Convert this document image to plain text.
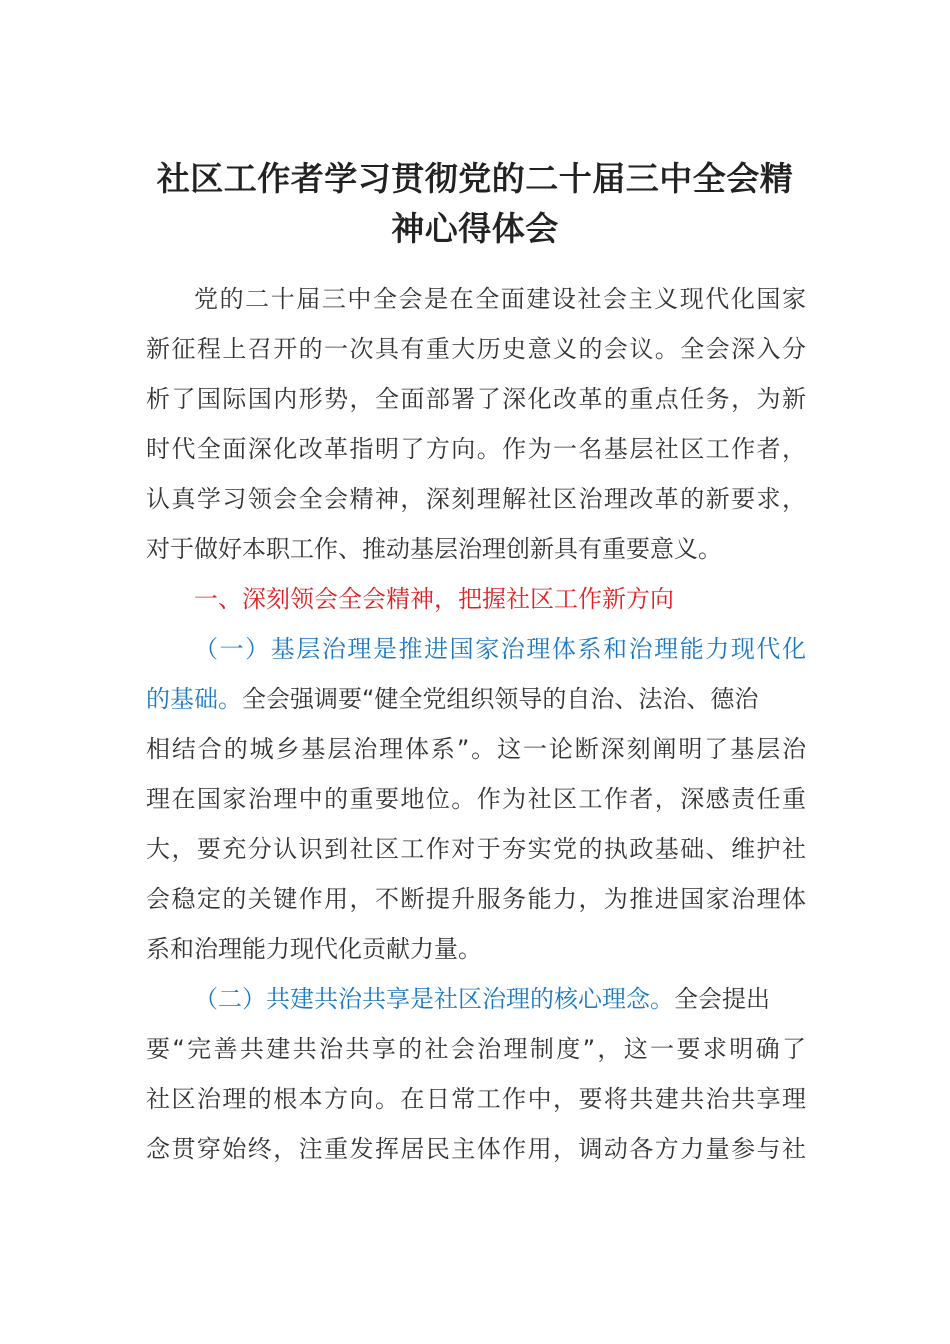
社区工作者学习贯彻党的二十届三中全会精
神心得体会
党的二十届三中全会是在全面建设社会主义现代化国家
新征程上召开的一次具有重大历史意义的会议。全会深入分
析了国际国内形势，全面部署了深化改革的重点任务，为新
时代全面深化改革指明了方向。作为一名基层社区工作者，
认真学习领会全会精神，深刻理解社区治理改革的新要求，
对于做好本职工作、推动基层治理创新具有重要意义。
一、深刻领会全会精神，把握社区工作新方向
（一）基层治理是推进国家治理体系和治理能力现代化
的基础。全会强调要“健全党组织领导的自治、法治、德治
相结合的城乡基层治理体系”。这一论断深刻阐明了基层治
理在国家治理中的重要地位。作为社区工作者，深感责任重
大，要充分认识到社区工作对于夯实党的执政基础、维护社
会稳定的关键作用，不断提升服务能力，为推进国家治理体
系和治理能力现代化贡献力量。
（二）共建共治共享是社区治理的核心理念。全会提出
要“完善共建共治共享的社会治理制度”，这一要求明确了
社区治理的根本方向。在日常工作中，要将共建共治共享理
念贯穿始终，注重发挥居民主体作用，调动各方力量参与社
